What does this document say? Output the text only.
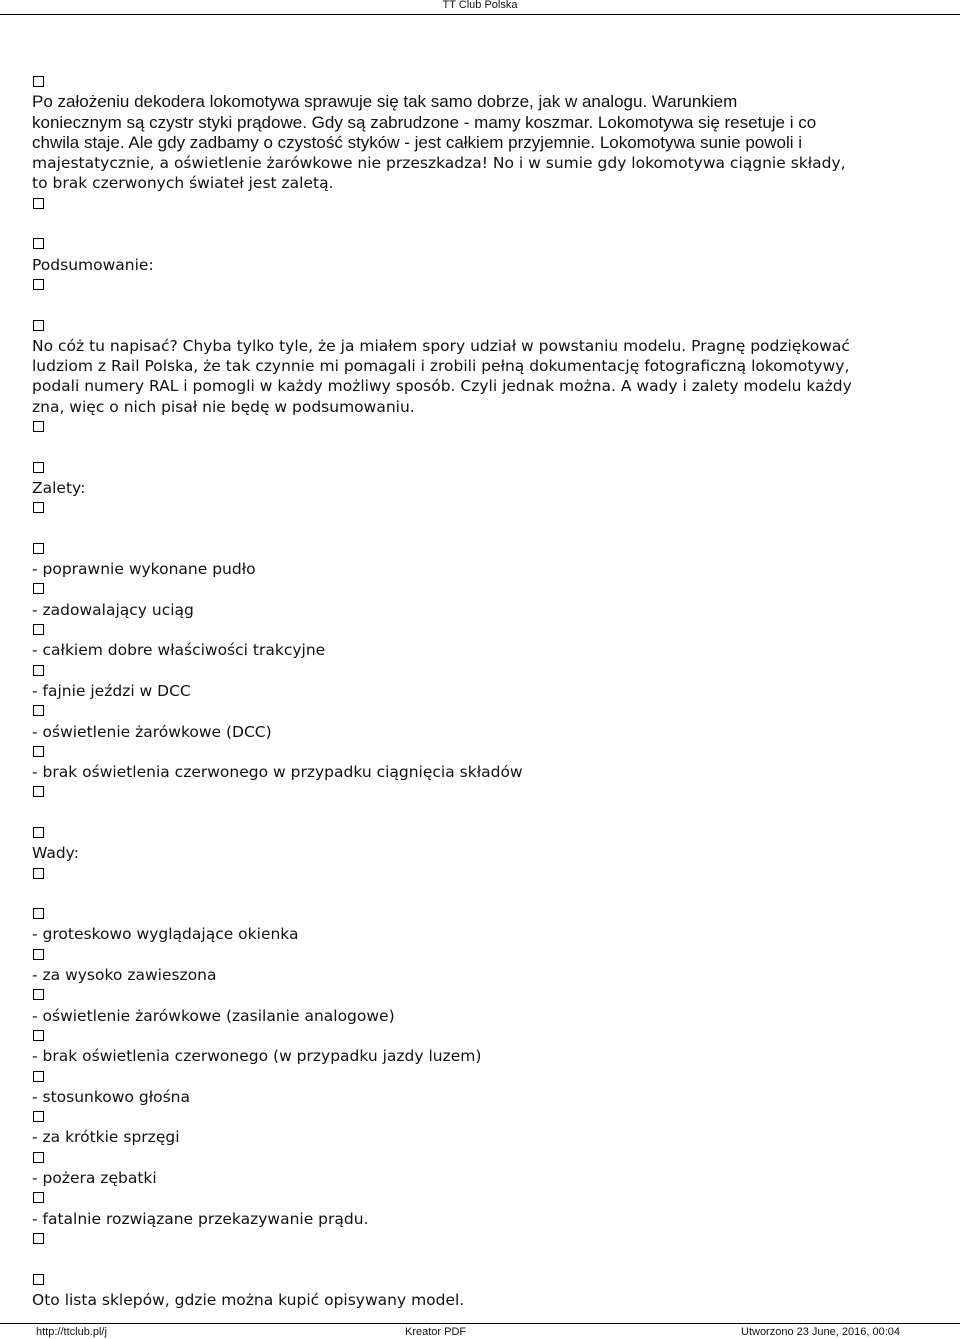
TT Club Polska
Po założeniu dekodera lokomotywa sprawuje się tak samo dobrze, jak w analogu. Warunkiem
koniecznym są czystr styki prądowe. Gdy są zabrudzone - mamy koszmar. Lokomotywa się resetuje i co
chwila staje. Ale gdy zadbamy o czystość styków - jest całkiem przyjemnie. Lokomotywa sunie powoli i
majestatycznie, a oświetlenie żarówkowe nie przeszkadza! No i w sumie gdy lokomotywa ciągnie składy,
to brak czerwonych świateł jest zaletą.
Podsumowanie:
No cóż tu napisać? Chyba tylko tyle, że ja miałem spory udział w powstaniu modelu. Pragnę podziękować
ludziom z Rail Polska, że tak czynnie mi pomagali i zrobili pełną dokumentację fotograficzną lokomotywy,
podali numery RAL i pomogli w każdy możliwy sposób. Czyli jednak można. A wady i zalety modelu każdy
zna, więc o nich pisał nie będę w podsumowaniu.
Zalety:
- poprawnie wykonane pudło
- zadowalający uciąg
- całkiem dobre właściwości trakcyjne
- fajnie jeździ w DCC
- oświetlenie żarówkowe (DCC)
- brak oświetlenia czerwonego w przypadku ciągnięcia składów
Wady:
- groteskowo wyglądające okienka
- za wysoko zawieszona
- oświetlenie żarówkowe (zasilanie analogowe)
- brak oświetlenia czerwonego (w przypadku jazdy luzem)
- stosunkowo głośna
- za krótkie sprzęgi
- pożera zębatki
- fatalnie rozwiązane przekazywanie prądu.
Oto lista sklepów, gdzie można kupić opisywany model.
http://ttclub.pl/j	Kreator PDF	Utworzono 23 June, 2016, 00:04
